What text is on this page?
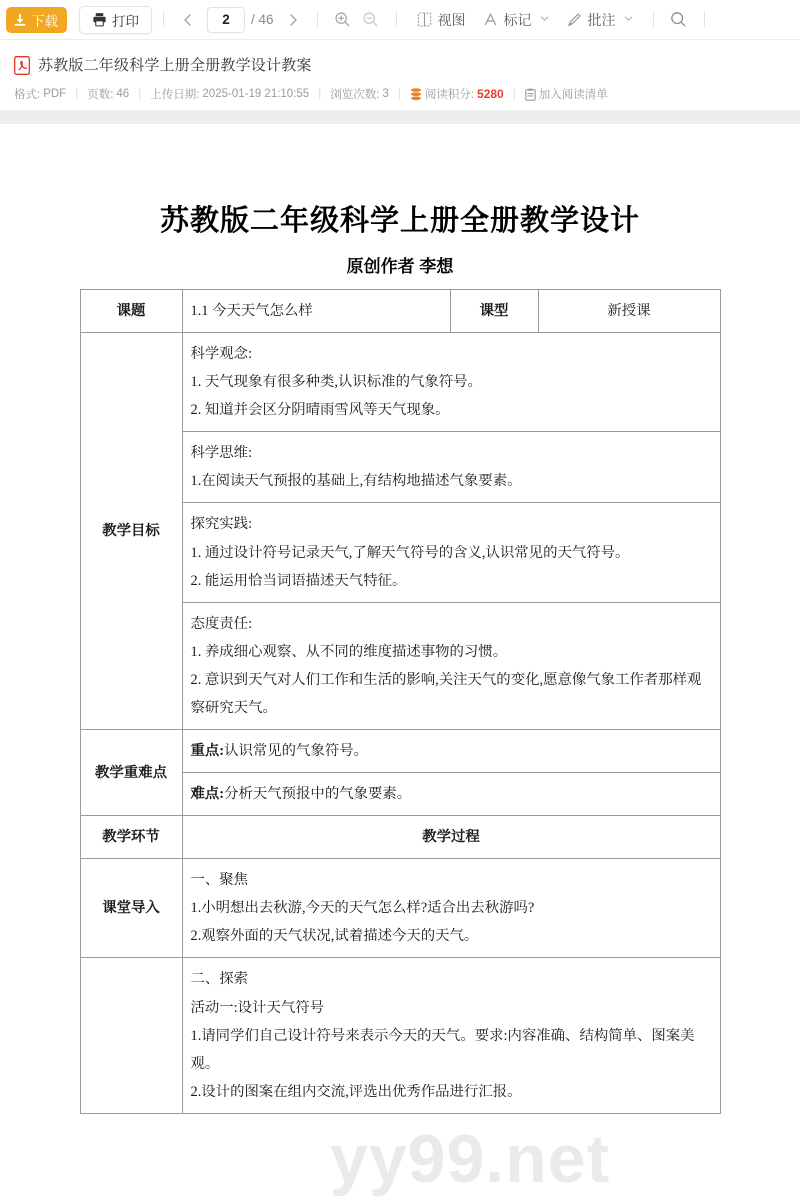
下载	打印	2	/ 46	视图	标记	批注
苏教版二年级科学上册全册教学设计教案
格式: PDF | 页数: 46 | 上传日期: 2025-01-19 21:10:55 | 浏览次数: 3 | 阅读积分: 5280 | 加入阅读清单
yy99.net
苏教版二年级科学上册全册教学设计
原创作者 李想
课题	1.1 今天天气怎么样	课型	新授课
教学目标	科学观念:

1. 天气现象有很多种类,认识标准的气象符号。

2. 知道并会区分阴晴雨雪风等天气现象。		

	科学思维:

1.在阅读天气预报的基础上,有结构地描述气象要素。		

	探究实践:

1. 通过设计符号记录天气,了解天气符号的含义,认识常见的天气符号。

2. 能运用恰当词语描述天气特征。		

	态度责任:

1. 养成细心观察、从不同的维度描述事物的习惯。

2. 意识到天气对人们工作和生活的影响,关注天气的变化,愿意像气象工作者那样观察研究天气。		

教学重难点	重点:认识常见的气象符号。		

	难点:分析天气预报中的气象要素。		

教学环节	教学过程		
课堂导入	一、聚焦

1.小明想出去秋游,今天的天气怎么样?适合出去秋游吗?

2.观察外面的天气状况,试着描述今天的天气。		

	二、探索

活动一:设计天气符号

1.请同学们自己设计符号来表示今天的天气。要求:内容准确、结构简单、图案美观。

2.设计的图案在组内交流,评选出优秀作品进行汇报。		
